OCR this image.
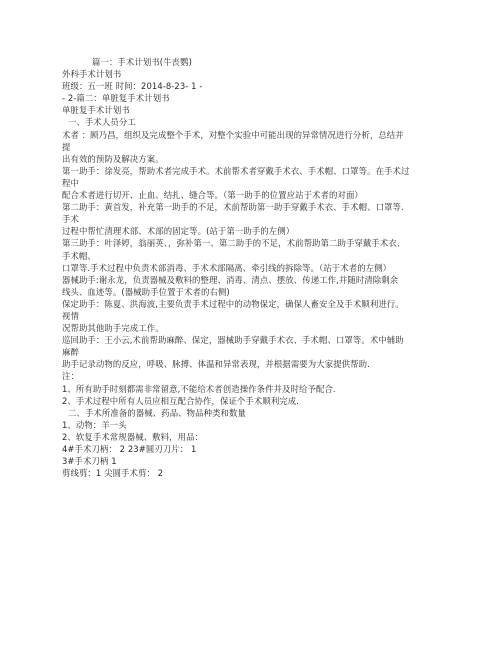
篇一：手术计划书(牛丧鹦)
外科手术计划书
班级：五一班 时间：2014-8-23- 1 -
- 2-篇二：单脏复手术计划书
单脏复手术计划书
一、手术人员分工
术者 ：顾乃昌，组织及完成整个手术，对整个实验中可能出现的异常情况进行分析，总结并
提
出有效的预防及解决方案。
第一助手：徐发亮，帮助术者完成手术。术前帮术者穿戴手术衣、手术帽、口罩等。在手术过
程中
配合术者进行切开、止血、结扎、缝合等。（第一助手的位置应站于术者的对面）
第二助手：黄首发，补充第一助手的不足，术前帮助第一助手穿戴手术衣、手术帽、口罩等.
手术
过程中帮忙清理术部、术部的固定等。(站于第一助手的左侧）
第三助手：叶泽婷，翁丽英、，弥补第一、第二助手的不足，术前帮助第二助手穿戴手术衣、
手术帽、
口罩等.手术过程中负责术部消毒、手术术部隔离、牵引线的拆除等。（站于术者的左侧）
器械助手:谢永龙，负责器械及敷料的整理、消毒、清点、摆放、传递工作,并随时清除剩余
线头、血迹等。(器械助手位置于术者的右侧)
保定助手：陈夏、洪海波,主要负责手术过程中的动物保定，确保人畜安全及手术顺利进行。
视情
况帮助其他助手完成工作。
巡回助手：王小云,术前帮助麻醉、保定，器械助手穿戴手术衣、手术帽、口罩等。术中辅助
麻醉
助手记录动物的反应，呼吸、脉搏、体温和异常表现，并根据需要为大家提供帮助.
注：
1、所有助手时刻都需非常留意,不能给术者创造操作条件并及时给予配合.
2、手术过程中所有人员应相互配合协作，保证个手术顺利完成.
二、手术所准备的器械、药品、物品种类和数量
1、动物：羊一头
2、软复手术常规器械、敷料，用品：
4#手术刀柄： 2 23#圆刃刀片： 1
3#手术刀柄 1
剪线剪：1 尖圆手术剪： 2
